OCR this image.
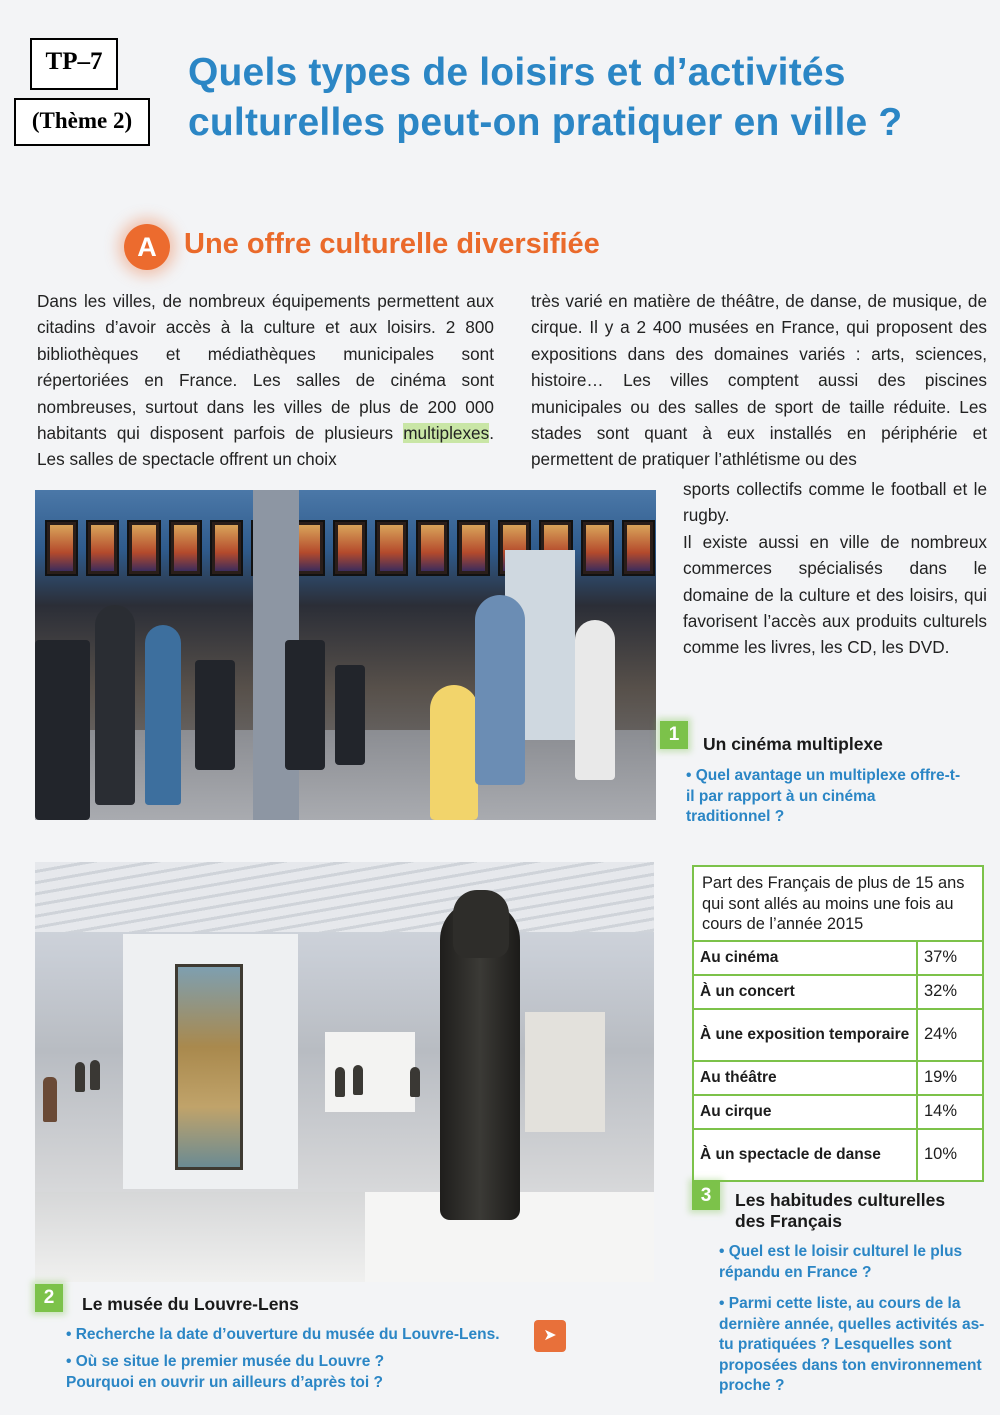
TP–7
(Thème 2)
Quels types de loisirs et d’activités
culturelles peut-on pratiquer en ville ?
A Une offre culturelle diversifiée

Dans les villes, de nombreux équipements permettent aux citadins d’avoir accès à la culture et aux loisirs. 2 800 bibliothèques et médiathèques municipales sont répertoriées en France. Les salles de cinéma sont nombreuses, surtout dans les villes de plus de 200 000 habitants qui disposent parfois de plusieurs multiplexes. Les salles de spectacle offrent un choix

très varié en matière de théâtre, de danse, de musique, de cirque. Il y a 2 400 musées en France, qui proposent des expositions dans des domaines variés : arts, sciences, histoire… Les villes comptent aussi des piscines municipales ou des salles de sport de taille réduite. Les stades sont quant à eux installés en périphérie et permettent de pratiquer l’athlétisme ou des

sports collectifs comme le football et le rugby.

Il existe aussi en ville de nombreux commerces spécialisés dans le domaine de la culture et des loisirs, qui favorisent l’accès aux produits culturels comme les livres, les CD, les DVD.

1	Un cinéma multiplexe
• Quel avantage un multiplexe offre-t-il par rapport à un cinéma traditionnel ?
2	Le musée du Louvre-Lens
• Recherche la date d’ouverture du musée du Louvre-Lens.	➤
• Où se situe le premier musée du Louvre ?
Pourquoi en ouvrir un ailleurs d’après toi ?
Part des Français de plus de 15 ans qui sont allés au moins une fois au cours de l’année 2015	
Au cinéma	37%
À un concert	32%
À une exposition temporaire	24%
Au théâtre	19%
Au cirque	14%
À un spectacle de danse	10%
3	Les habitudes culturelles
des Français
• Quel est le loisir culturel le plus répandu en France ?
• Parmi cette liste, au cours de la dernière année, quelles activités as-tu pratiquées ? Lesquelles sont proposées dans ton environnement proche ?
